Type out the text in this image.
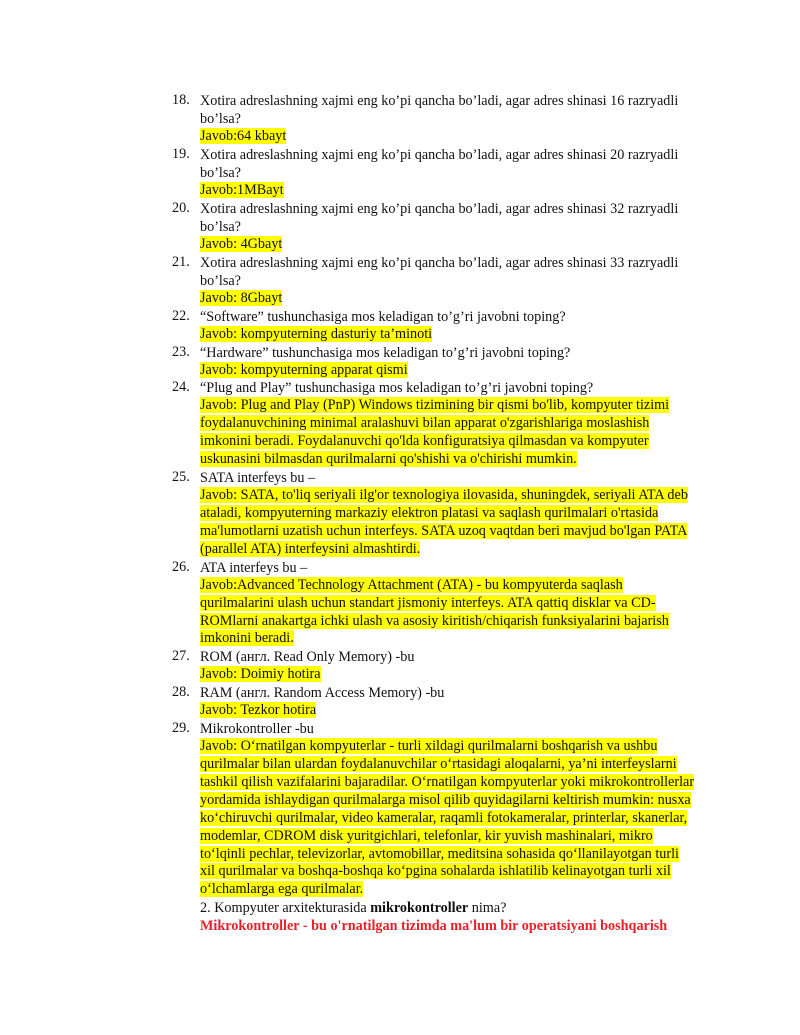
18. Xotira adreslashning xajmi eng ko’pi qancha bo’ladi, agar adres shinasi 16 razryadli
bo’lsa?
Javob:64 kbayt
19. Xotira adreslashning xajmi eng ko’pi qancha bo’ladi, agar adres shinasi 20 razryadli
bo’lsa?
Javob:1MBayt
20. Xotira adreslashning xajmi eng ko’pi qancha bo’ladi, agar adres shinasi 32 razryadli
bo’lsa?
Javob: 4Gbayt
21. Xotira adreslashning xajmi eng ko’pi qancha bo’ladi, agar adres shinasi 33 razryadli
bo’lsa?
Javob: 8Gbayt
22. “Software” tushunchasiga mos keladigan to’g’ri javobni toping?
Javob: kompyuterning dasturiy ta’minoti
23. “Hardware” tushunchasiga mos keladigan to’g’ri javobni toping?
Javob: kompyuterning apparat qismi
24. “Plug and Play” tushunchasiga mos keladigan to’g’ri javobni toping?
Javob: Plug and Play (PnP) Windows tizimining bir qismi bo'lib, kompyuter tizimi
foydalanuvchining minimal aralashuvi bilan apparat o'zgarishlariga moslashish
imkonini beradi. Foydalanuvchi qo'lda konfiguratsiya qilmasdan va kompyuter
uskunasini bilmasdan qurilmalarni qo'shishi va o'chirishi mumkin.
25. SATA interfeys bu –
Javob: SATA, to'liq seriyali ilg'or texnologiya ilovasida, shuningdek, seriyali ATA deb
ataladi, kompyuterning markaziy elektron platasi va saqlash qurilmalari o'rtasida
ma'lumotlarni uzatish uchun interfeys. SATA uzoq vaqtdan beri mavjud bo'lgan PATA
(parallel ATA) interfeysini almashtirdi.
26. ATA interfeys bu –
Javob:Advanced Technology Attachment (ATA) - bu kompyuterda saqlash
qurilmalarini ulash uchun standart jismoniy interfeys. ATA qattiq disklar va CD-
ROMlarni anakartga ichki ulash va asosiy kiritish/chiqarish funksiyalarini bajarish
imkonini beradi.
27. ROM (англ. Read Only Memory) -bu
Javob: Doimiy hotira
28. RAM (англ. Random Access Memory) -bu
Javob: Tezkor hotira
29. Mikrokontroller -bu
Javob: O‘rnatilgan kompyuterlar - turli xildagi qurilmalarni boshqarish va ushbu
qurilmalar bilan ulardan foydalanuvchilar o‘rtasidagi aloqalarni, ya’ni interfeyslarni
tashkil qilish vazifalarini bajaradilar. O‘rnatilgan kompyuterlar yoki mikrokontrollerlar
yordamida ishlaydigan qurilmalarga misol qilib quyidagilarni keltirish mumkin: nusxa
ko‘chiruvchi qurilmalar, video kameralar, raqamli fotokameralar, printerlar, skanerlar,
modemlar, CDROM disk yuritgichlari, telefonlar, kir yuvish mashinalari, mikro
to‘lqinli pechlar, televizorlar, avtomobillar, meditsina sohasida qo‘llanilayotgan turli
xil qurilmalar va boshqa-boshqa ko‘pgina sohalarda ishlatilib kelinayotgan turli xil
o‘lchamlarga ega qurilmalar.
2. Kompyuter arxitekturasida mikrokontroller nima?
Mikrokontroller - bu o'rnatilgan tizimda ma'lum bir operatsiyani boshqarish
